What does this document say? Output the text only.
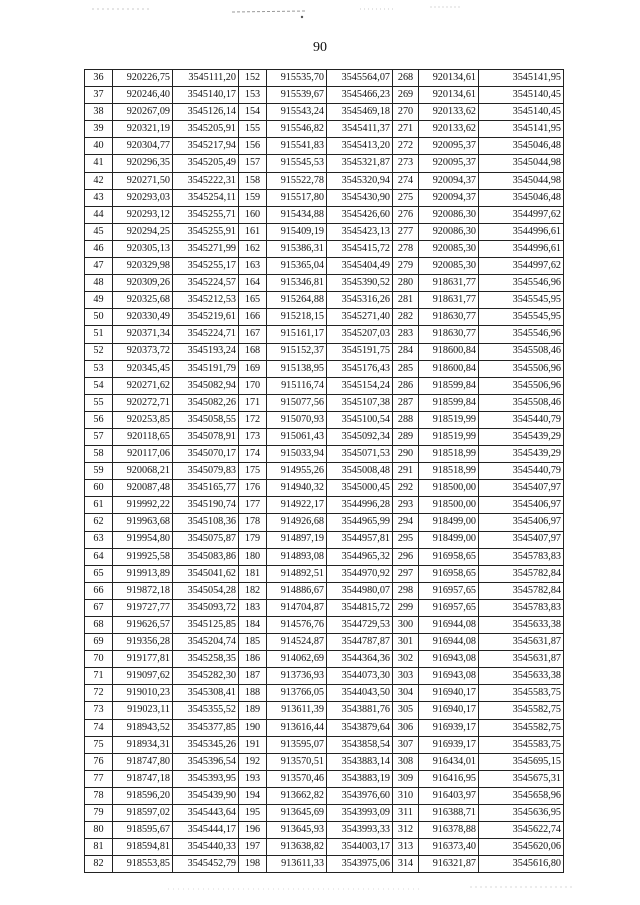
90
36	920226,75	3545111,20	152	915535,70	3545564,07	268	920134,61	3545141,95
37	920246,40	3545140,17	153	915539,67	3545466,23	269	920134,61	3545140,45
38	920267,09	3545126,14	154	915543,24	3545469,18	270	920133,62	3545140,45
39	920321,19	3545205,91	155	915546,82	3545411,37	271	920133,62	3545141,95
40	920304,77	3545217,94	156	915541,83	3545413,20	272	920095,37	3545046,48
41	920296,35	3545205,49	157	915545,53	3545321,87	273	920095,37	3545044,98
42	920271,50	3545222,31	158	915522,78	3545320,94	274	920094,37	3545044,98
43	920293,03	3545254,11	159	915517,80	3545430,90	275	920094,37	3545046,48
44	920293,12	3545255,71	160	915434,88	3545426,60	276	920086,30	3544997,62
45	920294,25	3545255,91	161	915409,19	3545423,13	277	920086,30	3544996,61
46	920305,13	3545271,99	162	915386,31	3545415,72	278	920085,30	3544996,61
47	920329,98	3545255,17	163	915365,04	3545404,49	279	920085,30	3544997,62
48	920309,26	3545224,57	164	915346,81	3545390,52	280	918631,77	3545546,96
49	920325,68	3545212,53	165	915264,88	3545316,26	281	918631,77	3545545,95
50	920330,49	3545219,61	166	915218,15	3545271,40	282	918630,77	3545545,95
51	920371,34	3545224,71	167	915161,17	3545207,03	283	918630,77	3545546,96
52	920373,72	3545193,24	168	915152,37	3545191,75	284	918600,84	3545508,46
53	920345,45	3545191,79	169	915138,95	3545176,43	285	918600,84	3545506,96
54	920271,62	3545082,94	170	915116,74	3545154,24	286	918599,84	3545506,96
55	920272,71	3545082,26	171	915077,56	3545107,38	287	918599,84	3545508,46
56	920253,85	3545058,55	172	915070,93	3545100,54	288	918519,99	3545440,79
57	920118,65	3545078,91	173	915061,43	3545092,34	289	918519,99	3545439,29
58	920117,06	3545070,17	174	915033,94	3545071,53	290	918518,99	3545439,29
59	920068,21	3545079,83	175	914955,26	3545008,48	291	918518,99	3545440,79
60	920087,48	3545165,77	176	914940,32	3545000,45	292	918500,00	3545407,97
61	919992,22	3545190,74	177	914922,17	3544996,28	293	918500,00	3545406,97
62	919963,68	3545108,36	178	914926,68	3544965,99	294	918499,00	3545406,97
63	919954,80	3545075,87	179	914897,19	3544957,81	295	918499,00	3545407,97
64	919925,58	3545083,86	180	914893,08	3544965,32	296	916958,65	3545783,83
65	919913,89	3545041,62	181	914892,51	3544970,92	297	916958,65	3545782,84
66	919872,18	3545054,28	182	914886,67	3544980,07	298	916957,65	3545782,84
67	919727,77	3545093,72	183	914704,87	3544815,72	299	916957,65	3545783,83
68	919626,57	3545125,85	184	914576,76	3544729,53	300	916944,08	3545633,38
69	919356,28	3545204,74	185	914524,87	3544787,87	301	916944,08	3545631,87
70	919177,81	3545258,35	186	914062,69	3544364,36	302	916943,08	3545631,87
71	919097,62	3545282,30	187	913736,93	3544073,30	303	916943,08	3545633,38
72	919010,23	3545308,41	188	913766,05	3544043,50	304	916940,17	3545583,75
73	919023,11	3545355,52	189	913611,39	3543881,76	305	916940,17	3545582,75
74	918943,52	3545377,85	190	913616,44	3543879,64	306	916939,17	3545582,75
75	918934,31	3545345,26	191	913595,07	3543858,54	307	916939,17	3545583,75
76	918747,80	3545396,54	192	913570,51	3543883,14	308	916434,01	3545695,15
77	918747,18	3545393,95	193	913570,46	3543883,19	309	916416,95	3545675,31
78	918596,20	3545439,90	194	913662,82	3543976,60	310	916403,97	3545658,96
79	918597,02	3545443,64	195	913645,69	3543993,09	311	916388,71	3545636,95
80	918595,67	3545444,17	196	913645,93	3543993,33	312	916378,88	3545622,74
81	918594,81	3545440,33	197	913638,82	3544003,17	313	916373,40	3545620,06
82	918553,85	3545452,79	198	913611,33	3543975,06	314	916321,87	3545616,80
